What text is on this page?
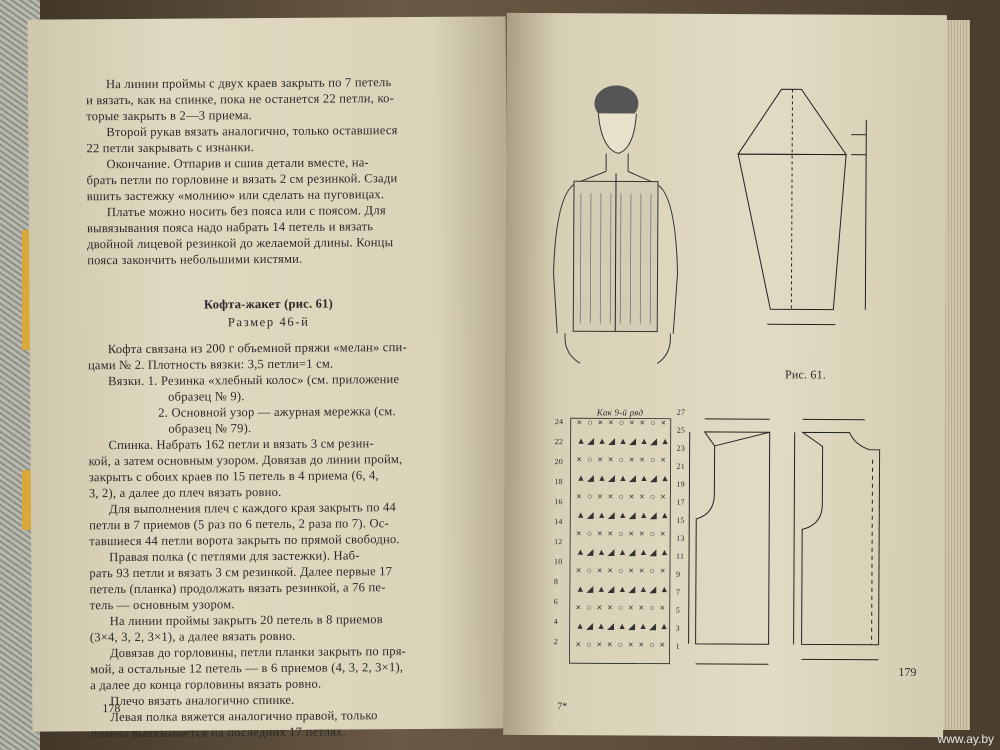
На линии проймы с двух краев закрыть по 7 петель
и вязать, как на спинке, пока не останется 22 петли, ко-
торые закрыть в 2—3 приема.
Второй рукав вязать аналогично, только оставшиеся
22 петли закрывать с изнанки.
Окончание. Отпарив и сшив детали вместе, на-
брать петли по горловине и вязать 2 см резинкой. Сзади
вшить застежку «молнию» или сделать на пуговицах.
Платье можно носить без пояса или с поясом. Для
вывязывания пояса надо набрать 14 петель и вязать
двойной лицевой резинкой до желаемой длины. Концы
пояса закончить небольшими кистями.
Кофта-жакет (рис. 61)
Размер 46-й
Кофта связана из 200 г объемной пряжи «мелан» спи-
цами № 2. Плотность вязки: 3,5 петли=1 см.
Вязки. 1. Резинка «хлебный колос» (см. приложение
образец № 9).
2. Основной узор — ажурная мережка (см.
образец № 79).
Спинка. Набрать 162 петли и вязать 3 см резин-
кой, а затем основным узором. Довязав до линии пройм,
закрыть с обоих краев по 15 петель в 4 приема (6, 4,
3, 2), а далее до плеч вязать ровно.
Для выполнения плеч с каждого края закрыть по 44
петли в 7 приемов (5 раз по 6 петель, 2 раза по 7). Ос-
тавшиеся 44 петли ворота закрыть по прямой свободно.
Правая полка (с петлями для застежки). Наб-
рать 93 петли и вязать 3 см резинкой. Далее первые 17
петель (планка) продолжать вязать резинкой, а 76 пе-
тель — основным узором.
На линии проймы закрыть 20 петель в 8 приемов
(3×4, 3, 2, 3×1), а далее вязать ровно.
Довязав до горловины, петли планки закрыть по пря-
мой, а остальные 12 петель — в 6 приемов (4, 3, 2, 3×1),
а далее до конца горловины вязать ровно.
Плечо вязать аналогично спинке.
Левая полка вяжется аналогично правой, только
планка вывязывается на последних 17 петлях.
178
× ○ × × ○ × × ○ ×
▲ ◢ ▲ ◢ ▲ ◢ ▲ ◢ ▲
× ○ × × ○ × × ○ ×
▲ ◢ ▲ ◢ ▲ ◢ ▲ ◢ ▲
× ○ × × ○ × × ○ ×
▲ ◢ ▲ ◢ ▲ ◢ ▲ ◢ ▲
× ○ × × ○ × × ○ ×
▲ ◢ ▲ ◢ ▲ ◢ ▲ ◢ ▲
× ○ × × ○ × × ○ ×
▲ ◢ ▲ ◢ ▲ ◢ ▲ ◢ ▲
× ○ × × ○ × × ○ ×
▲ ◢ ▲ ◢ ▲ ◢ ▲ ◢ ▲
× ○ × × ○ × × ○ ×
Рис. 61.
Как 9-й ряд
24
22
20
18
16
14
12
10
8
6
4
2
27
25
23
21
19
17
15
13
11
9
7
5
3
1
7*
179
www.ay.by
